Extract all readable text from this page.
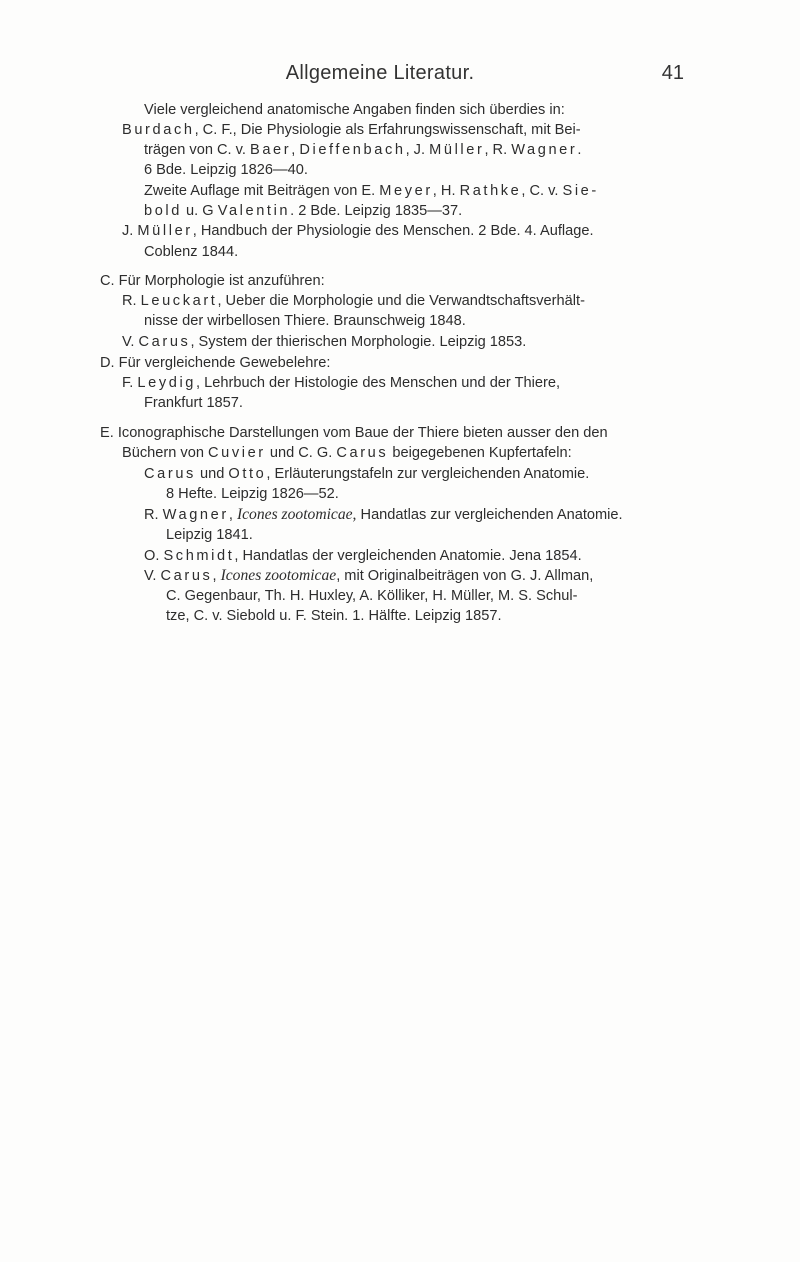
Allgemeine Literatur.	41
Viele vergleichend anatomische Angaben finden sich überdies in:
Burdach, C. F., Die Physiologie als Erfahrungswissenschaft, mit Bei-
trägen von C. v. Baer, Dieffenbach, J. Müller, R. Wagner.
6 Bde. Leipzig 1826—40.
Zweite Auflage mit Beiträgen von E. Meyer, H. Rathke, C. v. Sie-
bold u. G Valentin. 2 Bde. Leipzig 1835—37.
J. Müller, Handbuch der Physiologie des Menschen. 2 Bde. 4. Auflage.
Coblenz 1844.
C. Für Morphologie ist anzuführen:
R. Leuckart, Ueber die Morphologie und die Verwandtschaftsverhält-
nisse der wirbellosen Thiere. Braunschweig 1848.
V. Carus, System der thierischen Morphologie. Leipzig 1853.
D. Für vergleichende Gewebelehre:
F. Leydig, Lehrbuch der Histologie des Menschen und der Thiere,
Frankfurt 1857.
E. Iconographische Darstellungen vom Baue der Thiere bieten ausser den den
Büchern von Cuvier und C. G. Carus beigegebenen Kupfertafeln:
Carus und Otto, Erläuterungstafeln zur vergleichenden Anatomie.
8 Hefte. Leipzig 1826—52.
R. Wagner, Icones zootomicae, Handatlas zur vergleichenden Anatomie.
Leipzig 1841.
O. Schmidt, Handatlas der vergleichenden Anatomie. Jena 1854.
V. Carus, Icones zootomicae, mit Originalbeiträgen von G. J. Allman,
C. Gegenbaur, Th. H. Huxley, A. Kölliker, H. Müller, M. S. Schul-
tze, C. v. Siebold u. F. Stein. 1. Hälfte. Leipzig 1857.
